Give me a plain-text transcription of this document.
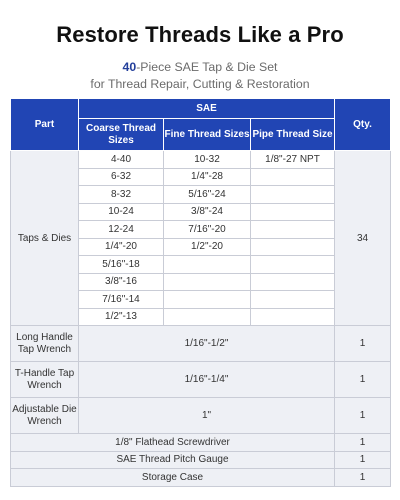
Restore Threads Like a Pro
40-Piece SAE Tap & Die Set
for Thread Repair, Cutting & Restoration
Part	SAE			Qty.
	Coarse Thread Sizes	Fine Thread Sizes	Pipe Thread Size	
Taps & Dies	4-40	10-32	1/8"-27 NPT	34
	6-32	1/4"-28		
	8-32	5/16"-24		
	10-24	3/8"-24		
	12-24	7/16"-20		
	1/4"-20	1/2"-20		
	5/16"-18			
	3/8"-16			
	7/16"-14			
	1/2"-13			
Long Handle Tap Wrench	1/16"-1/2"			1
T-Handle Tap Wrench	1/16"-1/4"			1
Adjustable Die Wrench	1"			1
1/8" Flathead Screwdriver				1
SAE Thread Pitch Gauge				1
Storage Case				1
